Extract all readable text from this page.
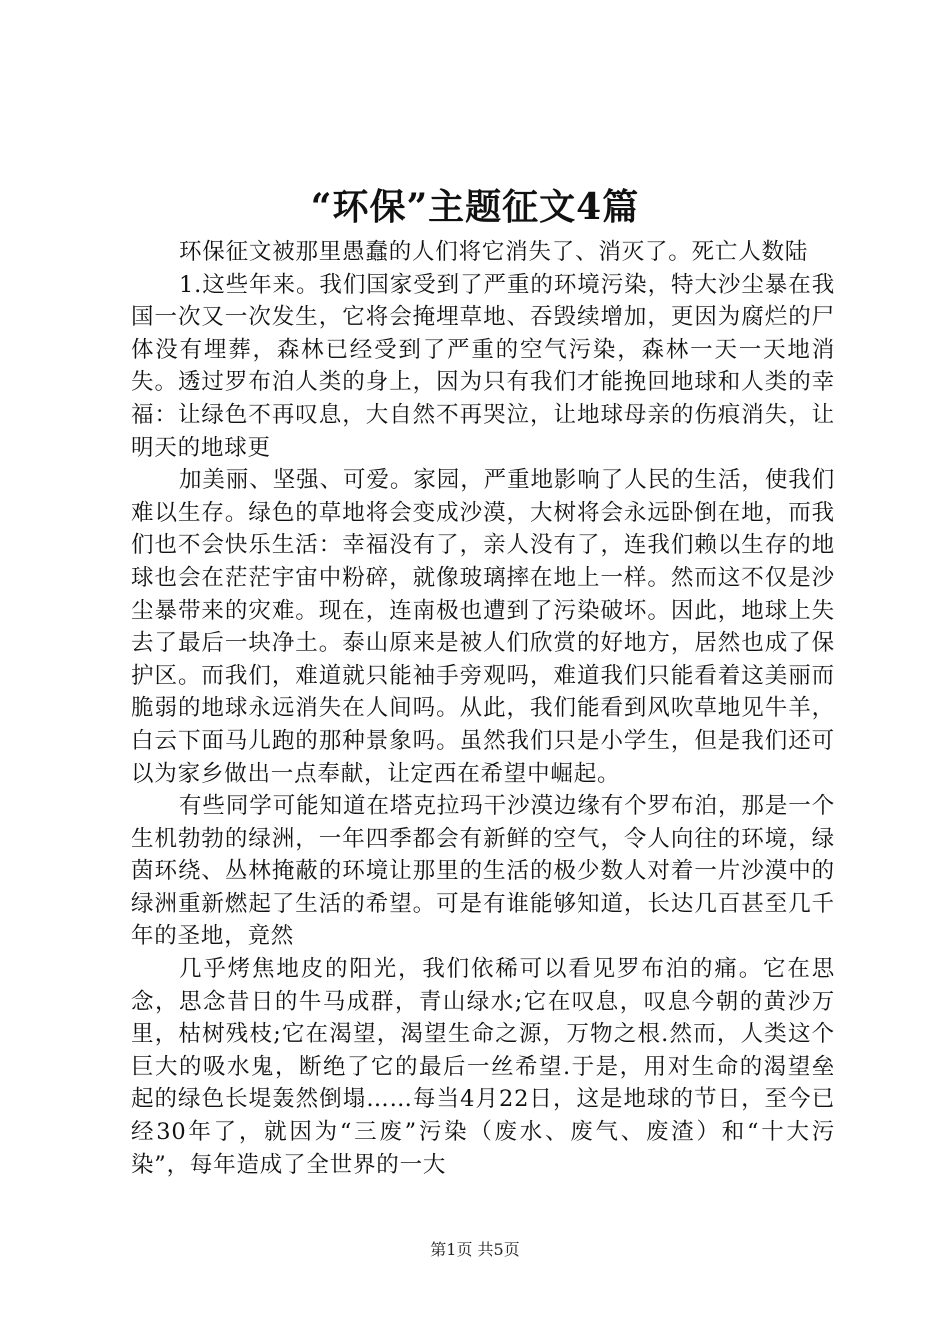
“环保”主题征文4篇

环保征文被那里愚蠢的人们将它消失了、消灭了。死亡人数陆

1.这些年来。我们国家受到了严重的环境污染，特大沙尘暴在我国一次又一次发生，它将会掩埋草地、吞毁续增加，更因为腐烂的尸体没有埋葬，森林已经受到了严重的空气污染，森林一天一天地消失。透过罗布泊人类的身上，因为只有我们才能挽回地球和人类的幸福：让绿色不再叹息，大自然不再哭泣，让地球母亲的伤痕消失，让明天的地球更

加美丽、坚强、可爱。家园，严重地影响了人民的生活，使我们难以生存。绿色的草地将会变成沙漠，大树将会永远卧倒在地，而我们也不会快乐生活：幸福没有了，亲人没有了，连我们赖以生存的地球也会在茫茫宇宙中粉碎，就像玻璃摔在地上一样。然而这不仅是沙尘暴带来的灾难。现在，连南极也遭到了污染破坏。因此，地球上失去了最后一块净土。泰山原来是被人们欣赏的好地方，居然也成了保护区。而我们，难道就只能袖手旁观吗，难道我们只能看着这美丽而脆弱的地球永远消失在人间吗。从此，我们能看到风吹草地见牛羊，白云下面马儿跑的那种景象吗。虽然我们只是小学生，但是我们还可以为家乡做出一点奉献，让定西在希望中崛起。

有些同学可能知道在塔克拉玛干沙漠边缘有个罗布泊，那是一个生机勃勃的绿洲，一年四季都会有新鲜的空气，令人向往的环境，绿茵环绕、丛林掩蔽的环境让那里的生活的极少数人对着一片沙漠中的绿洲重新燃起了生活的希望。可是有谁能够知道，长达几百甚至几千年的圣地，竟然

几乎烤焦地皮的阳光，我们依稀可以看见罗布泊的痛。它在思念，思念昔日的牛马成群，青山绿水;它在叹息，叹息今朝的黄沙万里，枯树残枝;它在渴望，渴望生命之源，万物之根.然而，人类这个巨大的吸水鬼，断绝了它的最后一丝希望.于是，用对生命的渴望垒起的绿色长堤轰然倒塌……每当4月22日，这是地球的节日，至今已经30年了，就因为“三废”污染（废水、废气、废渣）和“十大污染”，每年造成了全世界的一大

第1页 共5页
